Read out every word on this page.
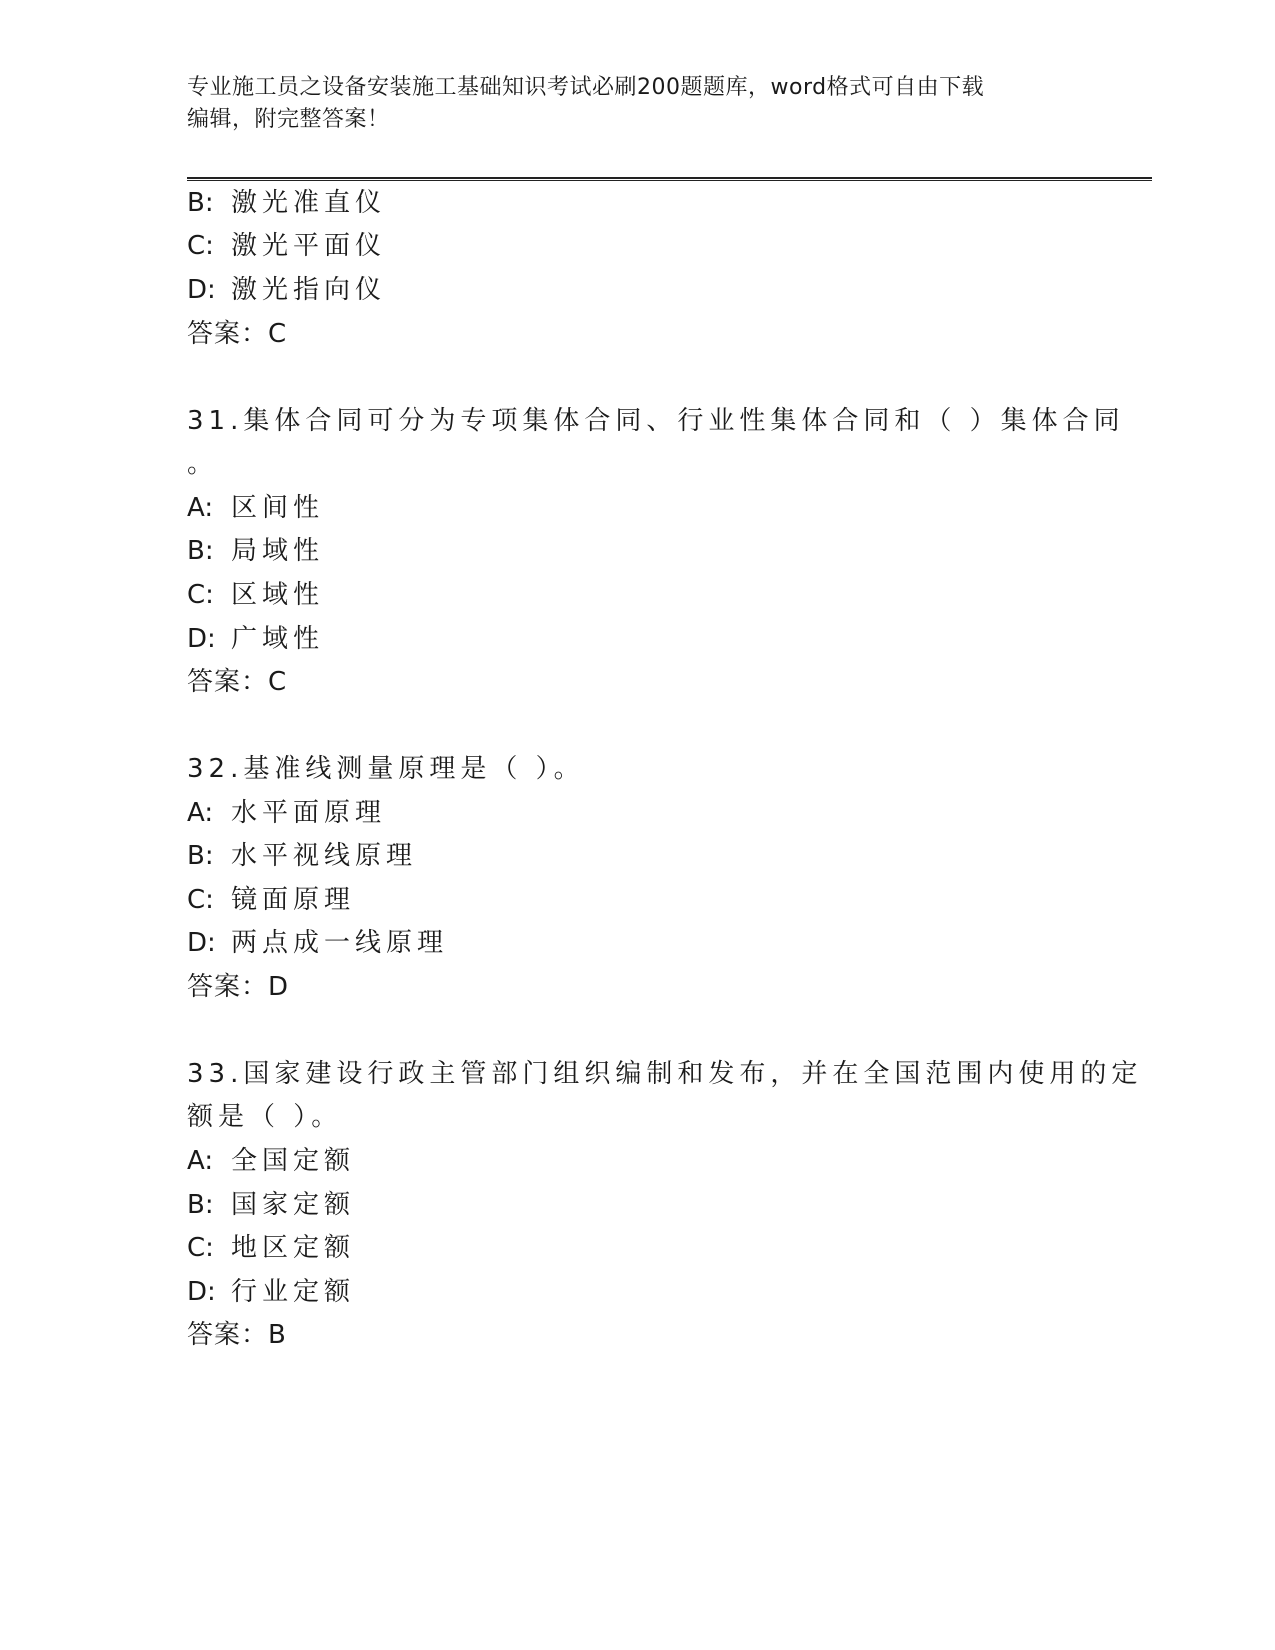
专业施工员之设备安装施工基础知识考试必刷200题题库，word格式可自由下载
编辑，附完整答案！
B: 激光准直仪
C: 激光平面仪
D: 激光指向仪
答案：C
31.集体合同可分为专项集体合同、行业性集体合同和（ ）集体合同
。
A: 区间性
B: 局域性
C: 区域性
D: 广域性
答案：C
32.基准线测量原理是（ ）。
A: 水平面原理
B: 水平视线原理
C: 镜面原理
D: 两点成一线原理
答案：D
33.国家建设行政主管部门组织编制和发布，并在全国范围内使用的定
额是（ ）。
A: 全国定额
B: 国家定额
C: 地区定额
D: 行业定额
答案：B
